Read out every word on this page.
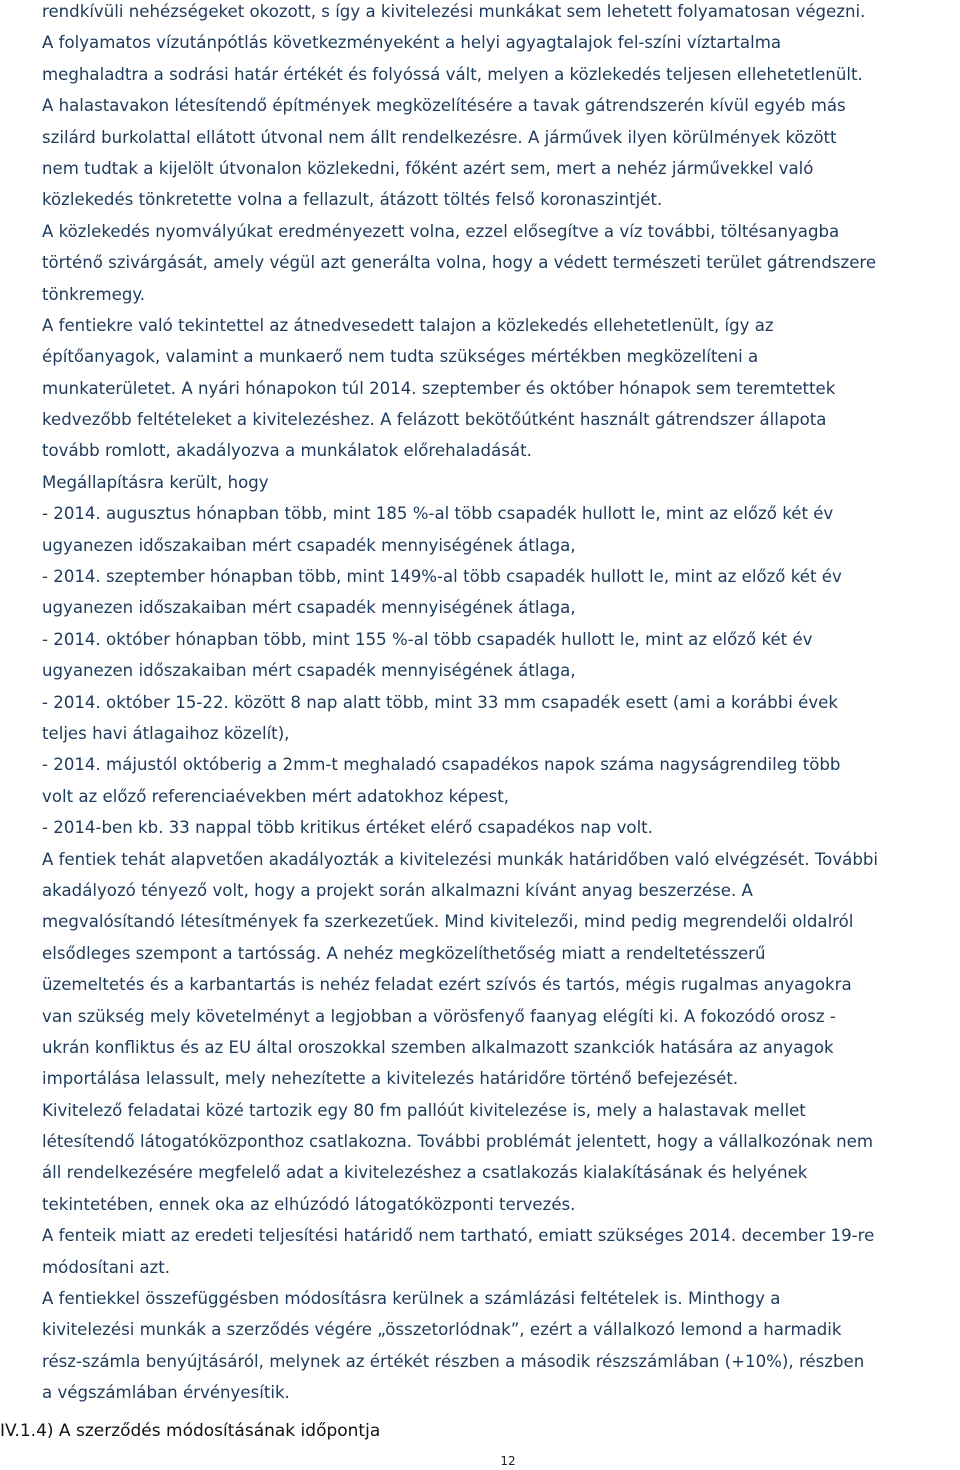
rendkívüli nehézségeket okozott, s így a kivitelezési munkákat sem lehetett folyamatosan végezni.
A folyamatos vízutánpótlás következményeként a helyi agyagtalajok fel-színi víztartalma
meghaladtra a sodrási határ értékét és folyóssá vált, melyen a közlekedés teljesen ellehetetlenült.
A halastavakon létesítendő építmények megközelítésére a tavak gátrendszerén kívül egyéb más
szilárd burkolattal ellátott útvonal nem állt rendelkezésre. A járművek ilyen körülmények között
nem tudtak a kijelölt útvonalon közlekedni, főként azért sem, mert a nehéz járművekkel való
közlekedés tönkretette volna a fellazult, átázott töltés felső koronaszintjét.
A közlekedés nyomvályúkat eredményezett volna, ezzel elősegítve a víz további, töltésanyagba
történő szivárgását, amely végül azt generálta volna, hogy a védett természeti terület gátrendszere
tönkremegy.
A fentiekre való tekintettel az átnedvesedett talajon a közlekedés ellehetetlenült, így az
építőanyagok, valamint a munkaerő nem tudta szükséges mértékben megközelíteni a
munkaterületet. A nyári hónapokon túl 2014. szeptember és október hónapok sem teremtettek
kedvezőbb feltételeket a kivitelezéshez. A felázott bekötőútként használt gátrendszer állapota
tovább romlott, akadályozva a munkálatok előrehaladását.
Megállapításra került, hogy
- 2014. augusztus hónapban több, mint 185 %-al több csapadék hullott le, mint az előző két év
ugyanezen időszakaiban mért csapadék mennyiségének átlaga,
- 2014. szeptember hónapban több, mint 149%-al több csapadék hullott le, mint az előző két év
ugyanezen időszakaiban mért csapadék mennyiségének átlaga,
- 2014. október hónapban több, mint 155 %-al több csapadék hullott le, mint az előző két év
ugyanezen időszakaiban mért csapadék mennyiségének átlaga,
- 2014. október 15-22. között 8 nap alatt több, mint 33 mm csapadék esett (ami a korábbi évek
teljes havi átlagaihoz közelít),
- 2014. májustól októberig a 2mm-t meghaladó csapadékos napok száma nagyságrendileg több
volt az előző referenciaévekben mért adatokhoz képest,
- 2014-ben kb. 33 nappal több kritikus értéket elérő csapadékos nap volt.
A fentiek tehát alapvetően akadályozták a kivitelezési munkák határidőben való elvégzését. További
akadályozó tényező volt, hogy a projekt során alkalmazni kívánt anyag beszerzése. A
megvalósítandó létesítmények fa szerkezetűek. Mind kivitelezői, mind pedig megrendelői oldalról
elsődleges szempont a tartósság. A nehéz megközelíthetőség miatt a rendeltetésszerű
üzemeltetés és a karbantartás is nehéz feladat ezért szívós és tartós, mégis rugalmas anyagokra
van szükség mely követelményt a legjobban a vörösfenyő faanyag elégíti ki. A fokozódó orosz -
ukrán konfliktus és az EU által oroszokkal szemben alkalmazott szankciók hatására az anyagok
importálása lelassult, mely nehezítette a kivitelezés határidőre történő befejezését.
Kivitelező feladatai közé tartozik egy 80 fm pallóút kivitelezése is, mely a halastavak mellet
létesítendő látogatóközponthoz csatlakozna. További problémát jelentett, hogy a vállalkozónak nem
áll rendelkezésére megfelelő adat a kivitelezéshez a csatlakozás kialakításának és helyének
tekintetében, ennek oka az elhúzódó látogatóközponti tervezés.
A fenteik miatt az eredeti teljesítési határidő nem tartható, emiatt szükséges 2014. december 19-re
módosítani azt.
A fentiekkel összefüggésben módosításra kerülnek a számlázási feltételek is. Minthogy a
kivitelezési munkák a szerződés végére „összetorlódnak”, ezért a vállalkozó lemond a harmadik
rész-számla benyújtásáról, melynek az értékét részben a második részszámlában (+10%), részben
a végszámlában érvényesítik.
IV.1.4) A szerződés módosításának időpontja
12
